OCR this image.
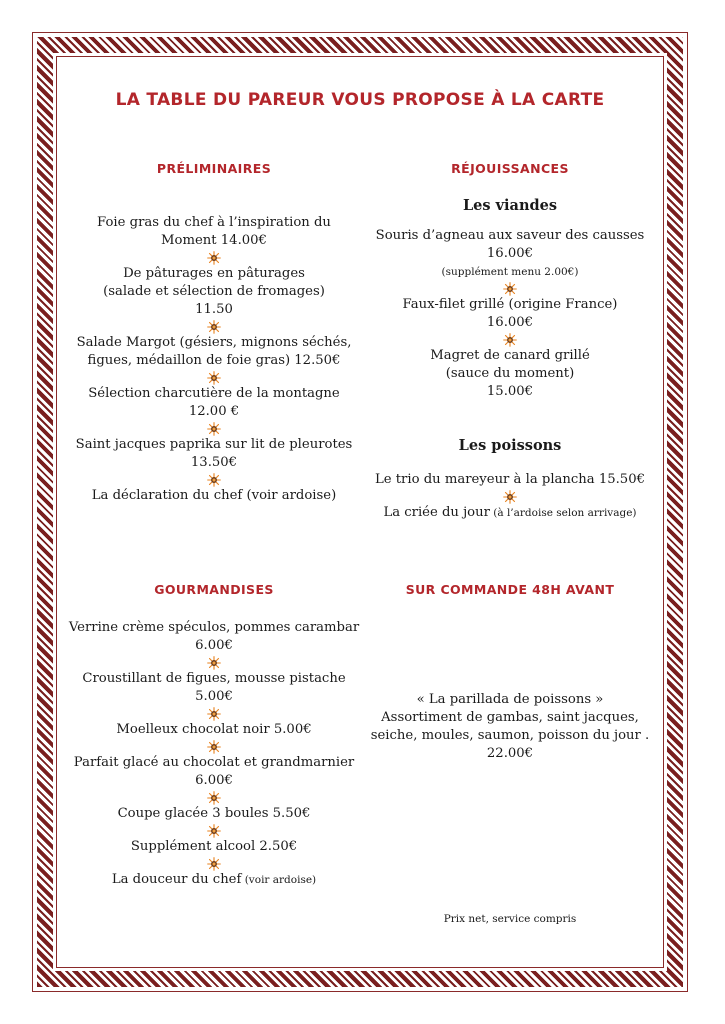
LA TABLE DU PAREUR VOUS PROPOSE À LA CARTE
PRÉLIMINAIRES
Foie gras du chef à l’inspiration du
Moment 14.00€
De pâturages en pâturages
(salade et sélection de fromages)
11.50
Salade Margot (gésiers, mignons séchés,
figues, médaillon de foie gras) 12.50€
Sélection charcutière de la montagne
12.00 €
Saint jacques paprika sur lit de pleurotes
13.50€
La déclaration du chef (voir ardoise)
RÉJOUISSANCES
Les viandes
Souris d’agneau aux saveur des causses
16.00€
(supplément menu 2.00€)
Faux-filet grillé (origine France)
16.00€
Magret de canard grillé
(sauce du moment)
15.00€
Les poissons
Le trio du mareyeur à la plancha 15.50€
La criée du jour (à l’ardoise selon arrivage)
GOURMANDISES
Verrine crème spéculos, pommes carambar
6.00€
Croustillant de figues, mousse pistache
5.00€
Moelleux chocolat noir 5.00€
Parfait glacé au chocolat et grandmarnier
6.00€
Coupe glacée 3 boules 5.50€
Supplément alcool 2.50€
La douceur du chef (voir ardoise)
SUR COMMANDE 48H AVANT
« La parillada de poissons »
Assortiment de gambas, saint jacques,
seiche, moules, saumon, poisson du jour .
22.00€
Prix net, service compris
